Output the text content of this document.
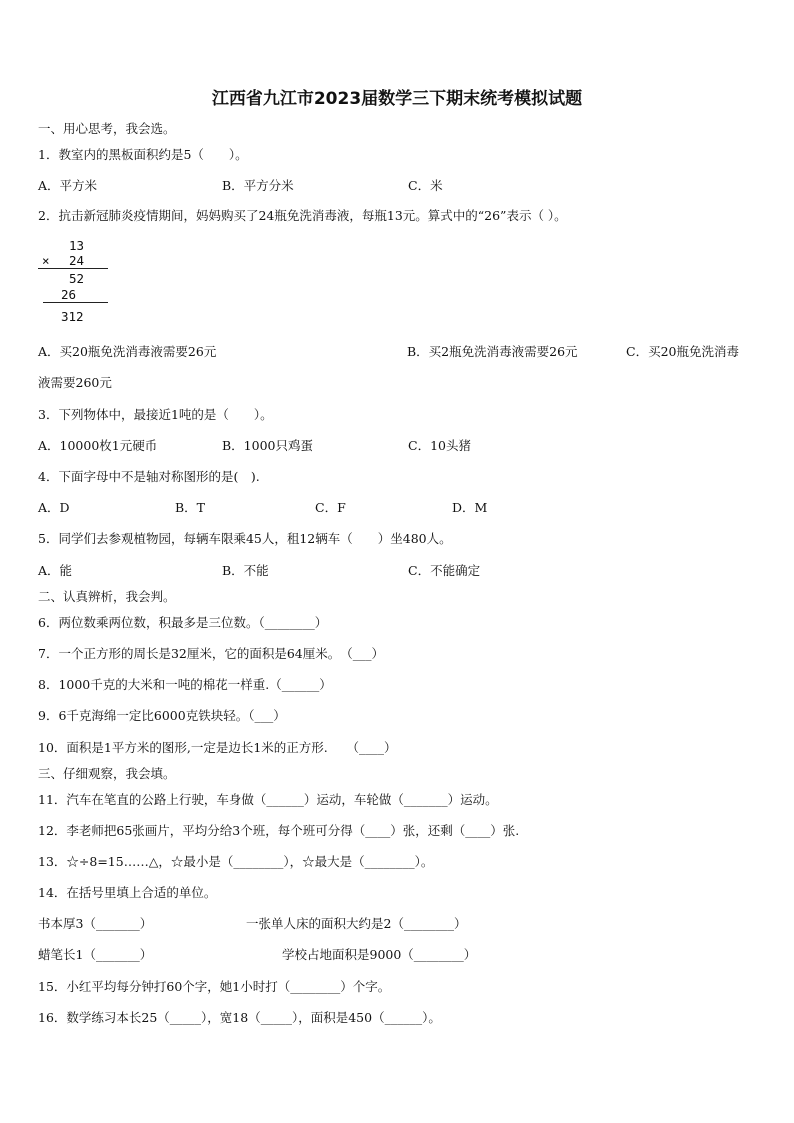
江西省九江市2023届数学三下期末统考模拟试题
一、用心思考，我会选。
1．教室内的黑板面积约是5（　　）。
A．平方米	B．平方分米	C．米
2．抗击新冠肺炎疫情期间，妈妈购买了24瓶免洗消毒液，每瓶13元。算式中的“26”表示（ ）。
13
× 24
52
26
312
A．买20瓶免洗消毒液需要26元	B．买2瓶免洗消毒液需要26元	C．买20瓶免洗消毒
液需要260元
3．下列物体中，最接近1吨的是（　　）。
A．10000枚1元硬币	B．1000只鸡蛋	C．10头猪
4．下面字母中不是轴对称图形的是(　).
A．D	B．T	C．F	D．M
5．同学们去参观植物园，每辆车限乘45人，租12辆车（　　）坐480人。
A．能	B．不能	C．不能确定
二、认真辨析，我会判。
6．两位数乘两位数，积最多是三位数。（________）
7．一个正方形的周长是32厘米，它的面积是64厘米。　（___）
8．1000千克的大米和一吨的棉花一样重.（______）
9．6千克海绵一定比6000克铁块轻。（___）
10．面积是1平方米的图形,一定是边长1米的正方形.　　（____）
三、仔细观察，我会填。
11．汽车在笔直的公路上行驶，车身做（______）运动，车轮做（_______）运动。
12．李老师把65张画片，平均分给3个班，每个班可分得（____）张，还剩（____）张.
13．☆÷8=15……△，☆最小是（________），☆最大是（________）。
14．在括号里填上合适的单位。
书本厚3（_______）	一张单人床的面积大约是2（________）
蜡笔长1（_______）	学校占地面积是9000（________）
15．小红平均每分钟打60个字，她1小时打（________）个字。
16．数学练习本长25（_____），宽18（_____），面积是450（______）。
